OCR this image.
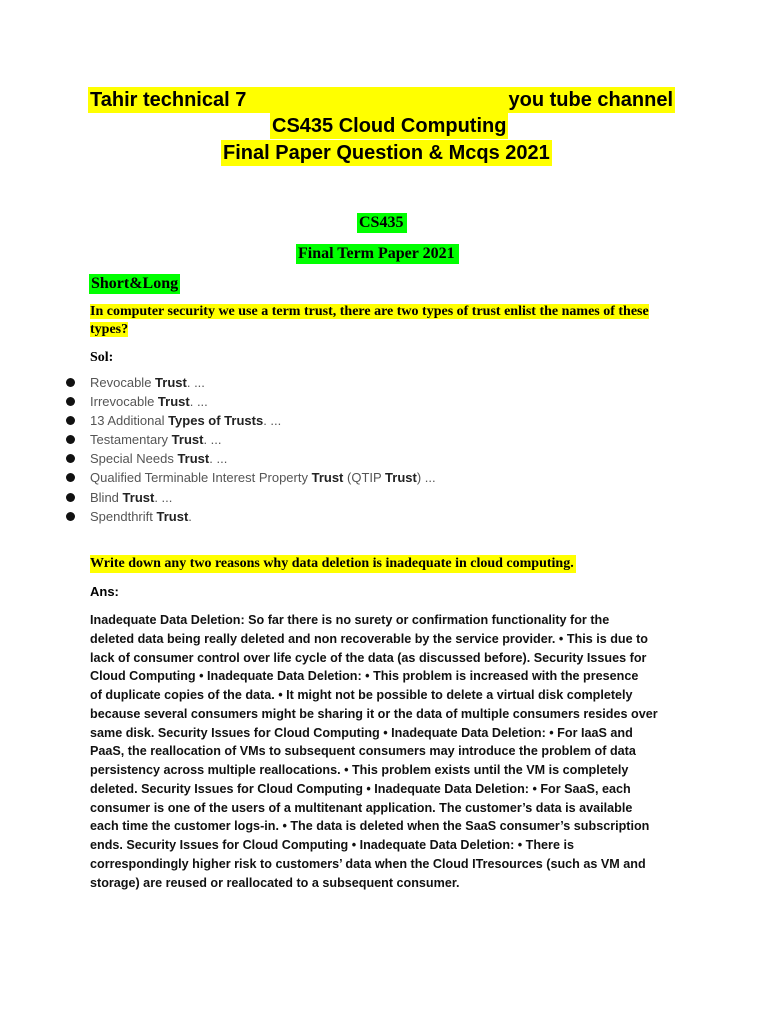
Tahir technical 7	you tube channel
CS435 Cloud Computing
Final Paper Question & Mcqs 2021
CS435
Final Term Paper 2021
Short&Long
In computer security we use a term trust, there are two types of trust enlist the names of these types?
Sol:
Revocable Trust. ...
Irrevocable Trust. ...
13 Additional Types of Trusts. ...
Testamentary Trust. ...
Special Needs Trust. ...
Qualified Terminable Interest Property Trust (QTIP Trust) ...
Blind Trust. ...
Spendthrift Trust.
Write down any two reasons why data deletion is inadequate in cloud computing.
Ans:
Inadequate Data Deletion: So far there is no surety or confirmation functionality for the
deleted data being really deleted and non recoverable by the service provider. • This is due to
lack of consumer control over life cycle of the data (as discussed before). Security Issues for
Cloud Computing • Inadequate Data Deletion: • This problem is increased with the presence
of duplicate copies of the data. • It might not be possible to delete a virtual disk completely
because several consumers might be sharing it or the data of multiple consumers resides over
same disk. Security Issues for Cloud Computing • Inadequate Data Deletion: • For IaaS and
PaaS, the reallocation of VMs to subsequent consumers may introduce the problem of data
persistency across multiple reallocations. • This problem exists until the VM is completely
deleted. Security Issues for Cloud Computing • Inadequate Data Deletion: • For SaaS, each
consumer is one of the users of a multitenant application. The customer’s data is available
each time the customer logs-in. • The data is deleted when the SaaS consumer’s subscription
ends. Security Issues for Cloud Computing • Inadequate Data Deletion: • There is
correspondingly higher risk to customers’ data when the Cloud ITresources (such as VM and
storage) are reused or reallocated to a subsequent consumer.
